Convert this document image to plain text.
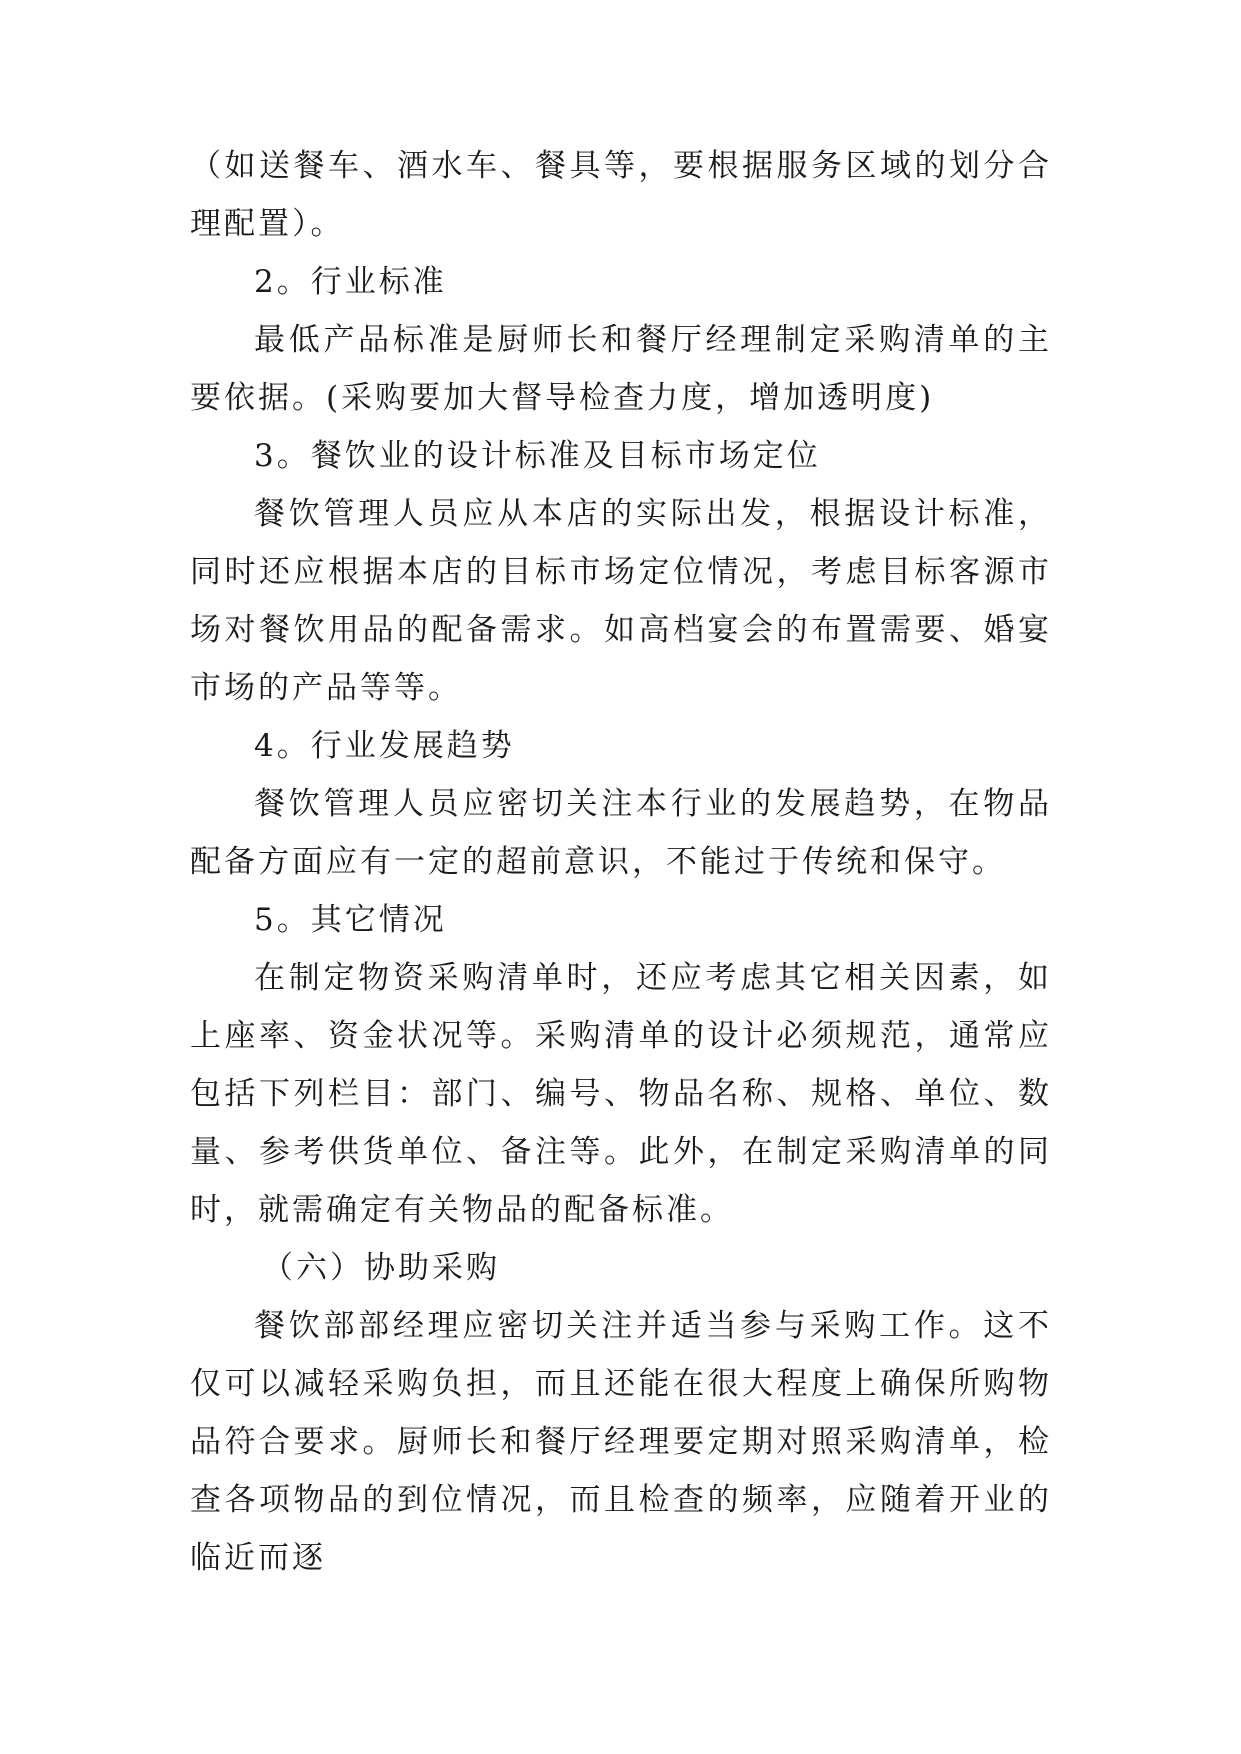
（如送餐车、酒水车、餐具等，要根据服务区域的划分合理配置）。

2。行业标准

最低产品标准是厨师长和餐厅经理制定采购清单的主要依据。(采购要加大督导检查力度，增加透明度)

3。餐饮业的设计标准及目标市场定位

餐饮管理人员应从本店的实际出发，根据设计标准，同时还应根据本店的目标市场定位情况，考虑目标客源市场对餐饮用品的配备需求。如高档宴会的布置需要、婚宴市场的产品等等。

4。行业发展趋势

餐饮管理人员应密切关注本行业的发展趋势，在物品配备方面应有一定的超前意识，不能过于传统和保守。

5。其它情况

在制定物资采购清单时，还应考虑其它相关因素，如上座率、资金状况等。采购清单的设计必须规范，通常应包括下列栏目：部门、编号、物品名称、规格、单位、数量、参考供货单位、备注等。此外，在制定采购清单的同时，就需确定有关物品的配备标准。

（六）协助采购

餐饮部部经理应密切关注并适当参与采购工作。这不仅可以减轻采购负担，而且还能在很大程度上确保所购物品符合要求。厨师长和餐厅经理要定期对照采购清单，检查各项物品的到位情况，而且检查的频率，应随着开业的临近而逐
